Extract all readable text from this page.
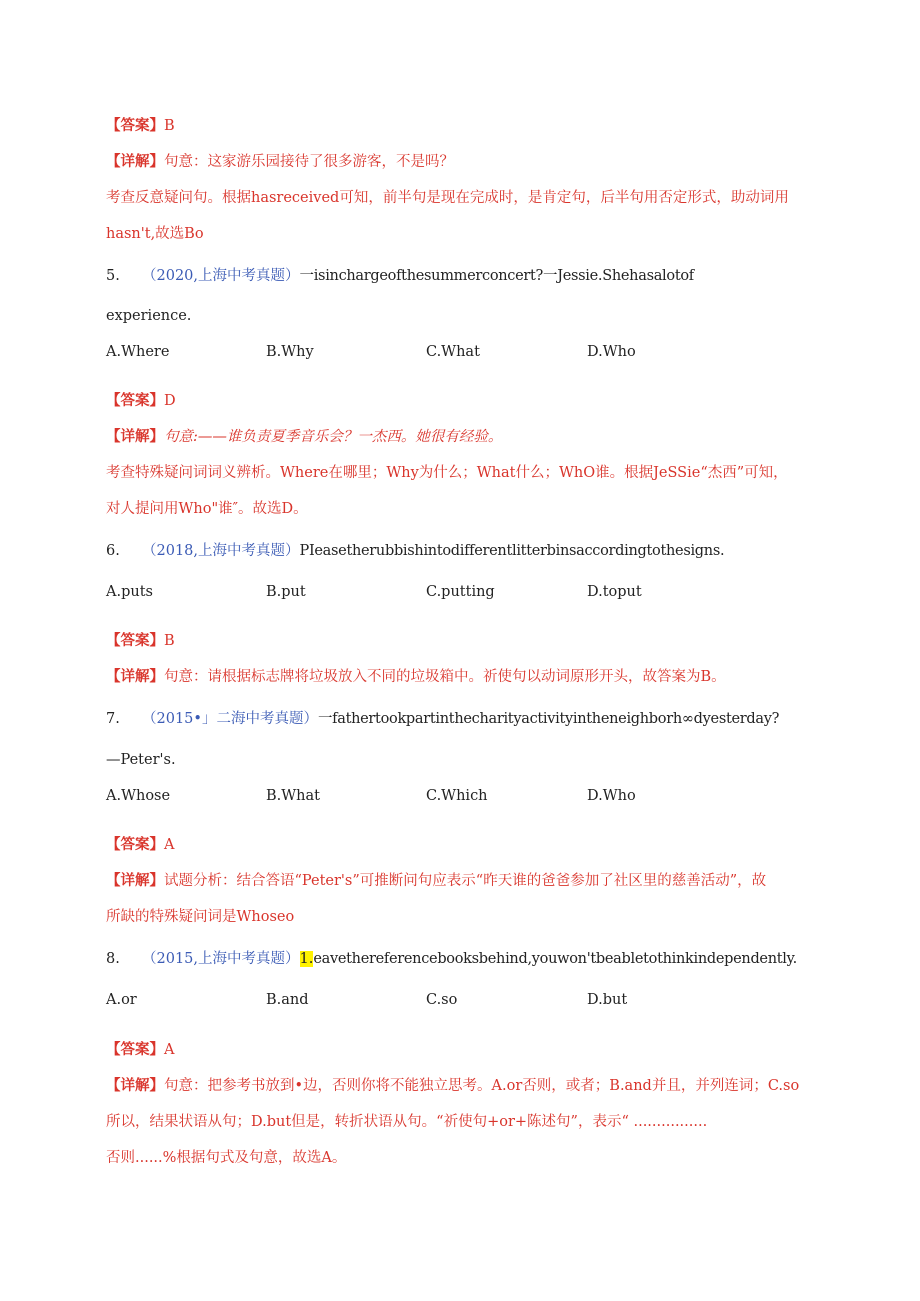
【答案】B
【详解】句意：这家游乐园接待了很多游客，不是吗？
考查反意疑问句。根据hasreceived可知，前半句是现在完成时，是肯定句，后半句用否定形式，助动词用
hasn't,故选Bo
5. （2020,上海中考真题）一isinchargeofthesummerconcert?一Jessie.Shehasalotof
experience.
A.Where	B.Why	C.What	D.Who
【答案】D
【详解】句意:——谁负责夏季音乐会？一杰西。她很有经验。
考查特殊疑问词词义辨析。Where在哪里；Why为什么；What什么；WhO谁。根据JeSSie“杰西”可知，
对人提问用Who"谁″。故选D。
6. （2018,上海中考真题）PIeasetherubbishintodifferentlitterbinsaccordingtothesigns.
A.puts	B.put	C.putting	D.toput
【答案】B
【详解】句意：请根据标志牌将垃圾放入不同的垃圾箱中。祈使句以动词原形开头，故答案为B。
7. （2015•」二海中考真题）一fathertookpartinthecharityactivityintheneighborh∞dyesterday?
—Peter's.
A.Whose	B.What	C.Which	D.Who
【答案】A
【详解】试题分析：结合答语“Peter's”可推断问句应表示“昨天谁的爸爸参加了社区里的慈善活动”，故
所缺的特殊疑问词是Whoseo
8. （2015,上海中考真题）1.eavethereferencebooksbehind,youwon'tbeabletothinkindependently.
A.or	B.and	C.so	D.but
【答案】A
【详解】句意：把参考书放到•边，否则你将不能独立思考。A.or否则，或者；B.and并且，并列连词；C.so
所以，结果状语从句；D.but但是，转折状语从句。“祈使句+or+陈述句”，表示“ ................
否则......%根据句式及句意，故选A。
